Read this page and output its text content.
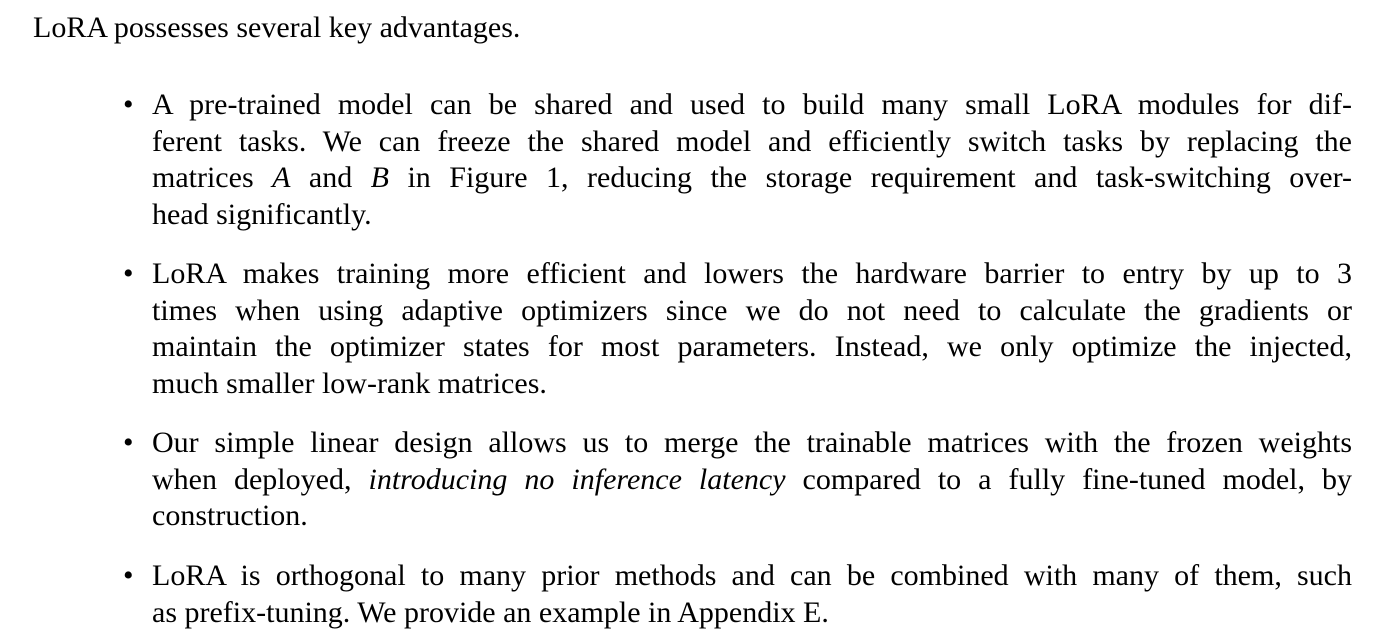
LoRA possesses several key advantages.
• A pre-trained model can be shared and used to build many small LoRA modules for dif-
ferent tasks. We can freeze the shared model and efficiently switch tasks by replacing the
matrices A and B in Figure 1, reducing the storage requirement and task-switching over-
head significantly.
• LoRA makes training more efficient and lowers the hardware barrier to entry by up to 3
times when using adaptive optimizers since we do not need to calculate the gradients or
maintain the optimizer states for most parameters. Instead, we only optimize the injected,
much smaller low-rank matrices.
• Our simple linear design allows us to merge the trainable matrices with the frozen weights
when deployed, introducing no inference latency compared to a fully fine-tuned model, by
construction.
• LoRA is orthogonal to many prior methods and can be combined with many of them, such
as prefix-tuning. We provide an example in Appendix E.
